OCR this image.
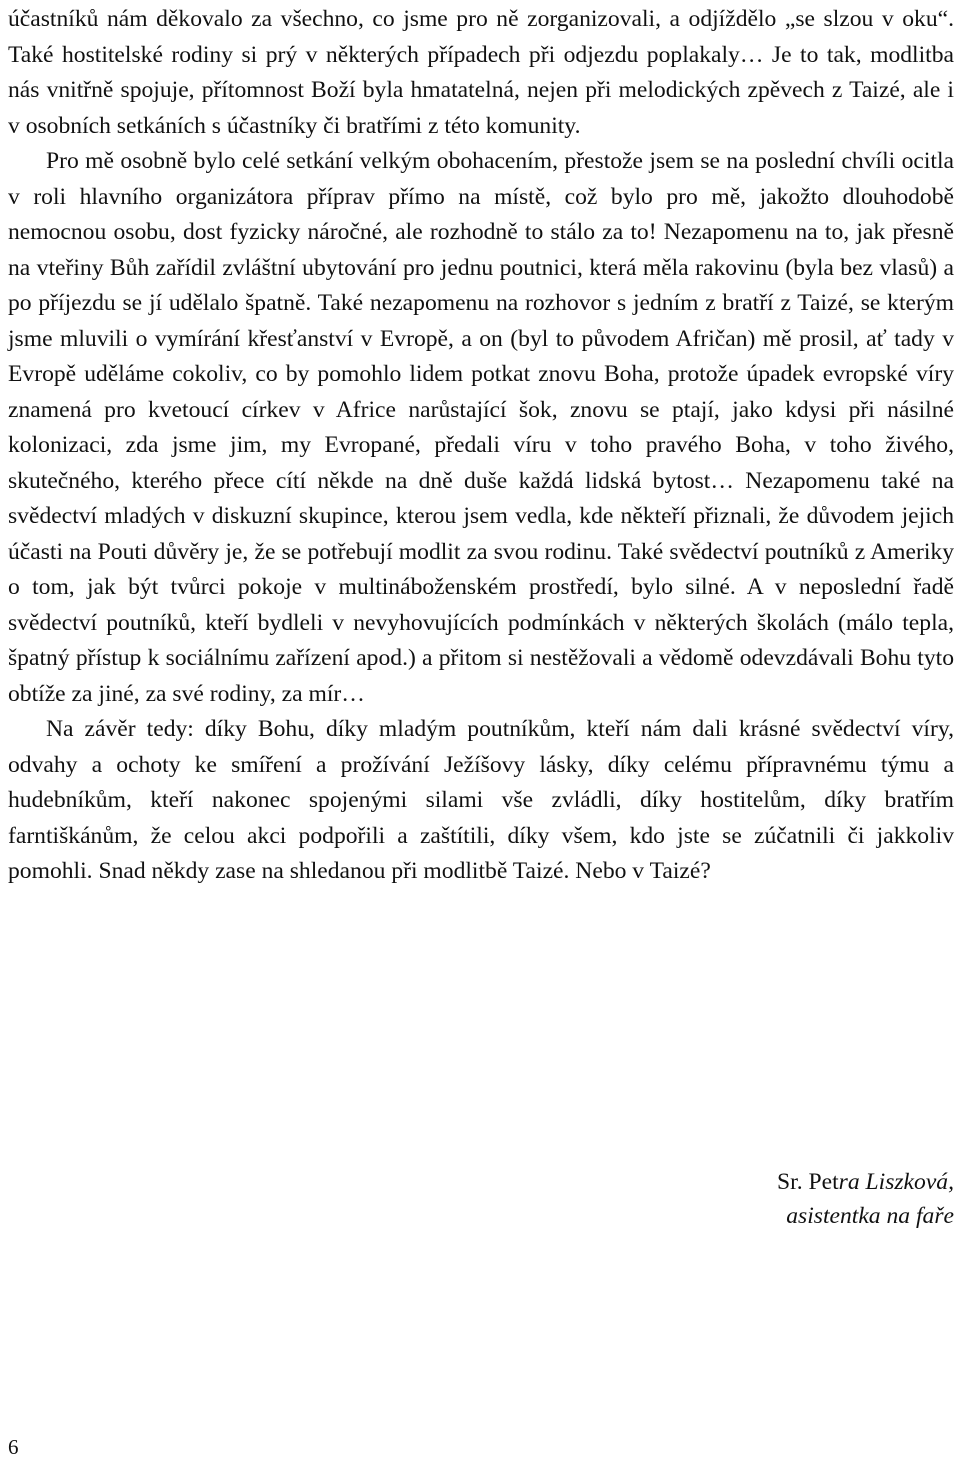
účastníků nám děkovalo za všechno, co jsme pro ně zorganizovali, a odjíždělo „se slzou v oku“. Také hostitelské rodiny si prý v některých případech při odjezdu poplakaly… Je to tak, modlitba nás vnitřně spojuje, přítomnost Boží byla hmatatelná, nejen při melodických zpěvech z Taizé, ale i v osobních setkáních s účastníky či bratřími z této komunity.

Pro mě osobně bylo celé setkání velkým obohacením, přestože jsem se na poslední chvíli ocitla v roli hlavního organizátora příprav přímo na místě, což bylo pro mě, jakožto dlouhodobě nemocnou osobu, dost fyzicky náročné, ale rozhodně to stálo za to! Nezapomenu na to, jak přesně na vteřiny Bůh zařídil zvláštní ubytování pro jednu poutnici, která měla rakovinu (byla bez vlasů) a po příjezdu se jí udělalo špatně. Také nezapomenu na rozhovor s jedním z bratří z Taizé, se kterým jsme mluvili o vymírání křesťanství v Evropě, a on (byl to původem Afričan) mě prosil, ať tady v Evropě uděláme cokoliv, co by pomohlo lidem potkat znovu Boha, protože úpadek evropské víry znamená pro kvetoucí církev v Africe narůstající šok, znovu se ptají, jako kdysi při násilné kolonizaci, zda jsme jim, my Evropané, předali víru v toho pravého Boha, v toho živého, skutečného, kterého přece cítí někde na dně duše každá lidská bytost… Nezapomenu také na svědectví mladých v diskuzní skupince, kterou jsem vedla, kde někteří přiznali, že důvodem jejich účasti na Pouti důvěry je, že se potřebují modlit za svou rodinu. Také svědectví poutníků z Ameriky o tom, jak být tvůrci pokoje v multináboženském prostředí, bylo silné. A v neposlední řadě svědectví poutníků, kteří bydleli v nevyhovujících podmínkách v některých školách (málo tepla, špatný přístup k sociálnímu zařízení apod.) a přitom si nestěžovali a vědomě odevzdávali Bohu tyto obtíže za jiné, za své rodiny, za mír…

Na závěr tedy: díky Bohu, díky mladým poutníkům, kteří nám dali krásné svědectví víry, odvahy a ochoty ke smíření a prožívání Ježíšovy lásky, díky celému přípravnému týmu a hudebníkům, kteří nakonec spojenými silami vše zvládli, díky hostitelům, díky bratřím farntiškánům, že celou akci podpořili a zaštítili, díky všem, kdo jste se zúčatnili či jakkoliv pomohli. Snad někdy zase na shledanou při modlitbě Taizé. Nebo v Taizé?

Sr. Petra Liszková,
asistentka na faře
6
